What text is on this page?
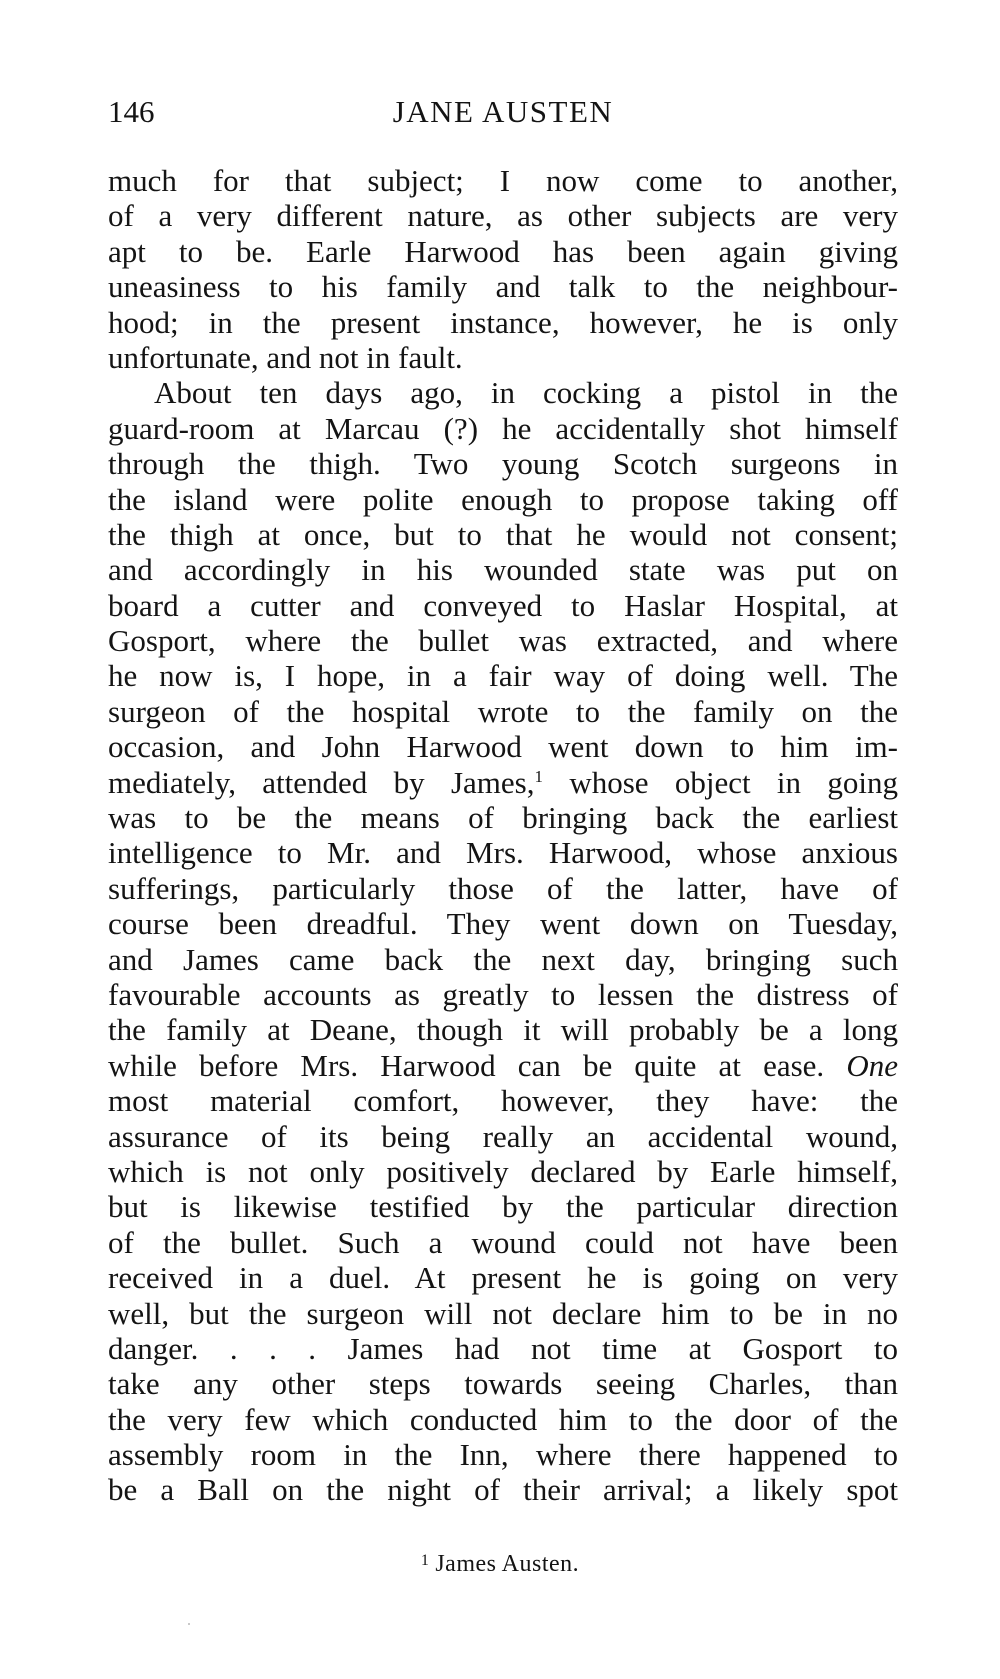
146	JANE AUSTEN
much for that subject; I now come to another,
of a very different nature, as other subjects are very
apt to be. Earle Harwood has been again giving
uneasiness to his family and talk to the neighbour-
hood; in the present instance, however, he is only
unfortunate, and not in fault.
About ten days ago, in cocking a pistol in the
guard-room at Marcau (?) he accidentally shot himself
through the thigh. Two young Scotch surgeons in
the island were polite enough to propose taking off
the thigh at once, but to that he would not consent;
and accordingly in his wounded state was put on
board a cutter and conveyed to Haslar Hospital, at
Gosport, where the bullet was extracted, and where
he now is, I hope, in a fair way of doing well. The
surgeon of the hospital wrote to the family on the
occasion, and John Harwood went down to him im-
mediately, attended by James,$^1$ whose object in going
was to be the means of bringing back the earliest
intelligence to Mr. and Mrs. Harwood, whose anxious
sufferings, particularly those of the latter, have of
course been dreadful. They went down on Tuesday,
and James came back the next day, bringing such
favourable accounts as greatly to lessen the distress of
the family at Deane, though it will probably be a long
while before Mrs. Harwood can be quite at ease. One
most material comfort, however, they have: the
assurance of its being really an accidental wound,
which is not only positively declared by Earle himself,
but is likewise testified by the particular direction
of the bullet. Such a wound could not have been
received in a duel. At present he is going on very
well, but the surgeon will not declare him to be in no
danger. . . . James had not time at Gosport to
take any other steps towards seeing Charles, than
the very few which conducted him to the door of the
assembly room in the Inn, where there happened to
be a Ball on the night of their arrival; a likely spot
$^1$ James Austen.
